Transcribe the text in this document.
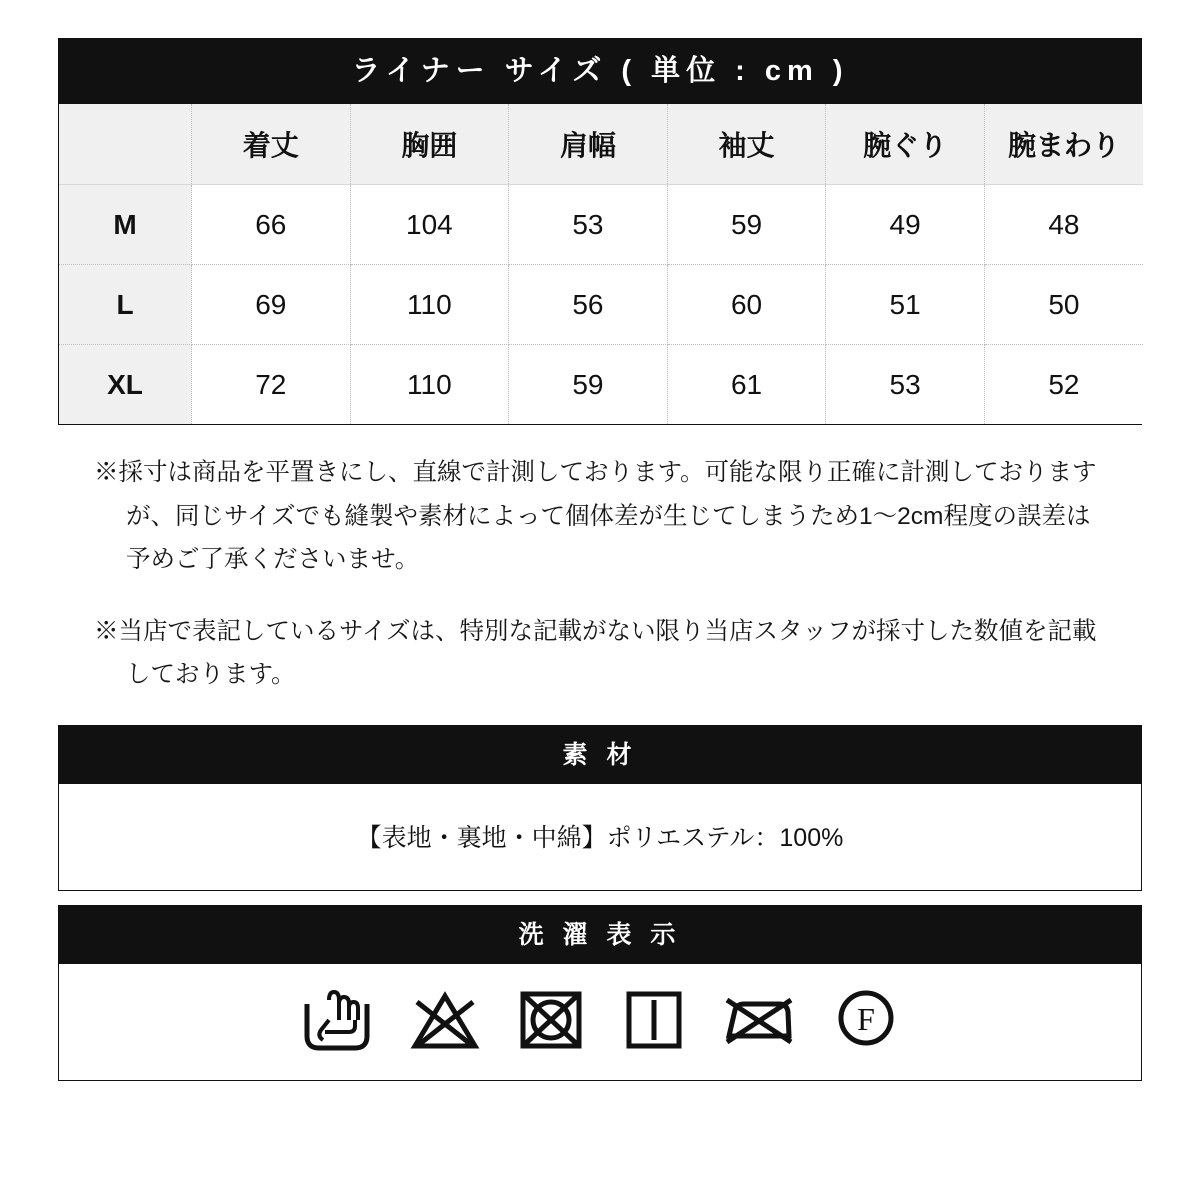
ライナー サイズ ( 単位 : cm )
	着丈	胸囲	肩幅	袖丈	腕ぐり	腕まわり
M	66	104	53	59	49	48
L	69	110	56	60	51	50
XL	72	110	59	61	53	52

※採寸は商品を平置きにし、直線で計測しております。可能な限り正確に計測しておりますが、同じサイズでも縫製や素材によって個体差が生じてしまうため1〜2cm程度の誤差は予めご了承くださいませ。

※当店で表記しているサイズは、特別な記載がない限り当店スタッフが採寸した数値を記載しております。

素 材
【表地・裏地・中綿】ポリエステル：100%
洗 濯 表 示
F
